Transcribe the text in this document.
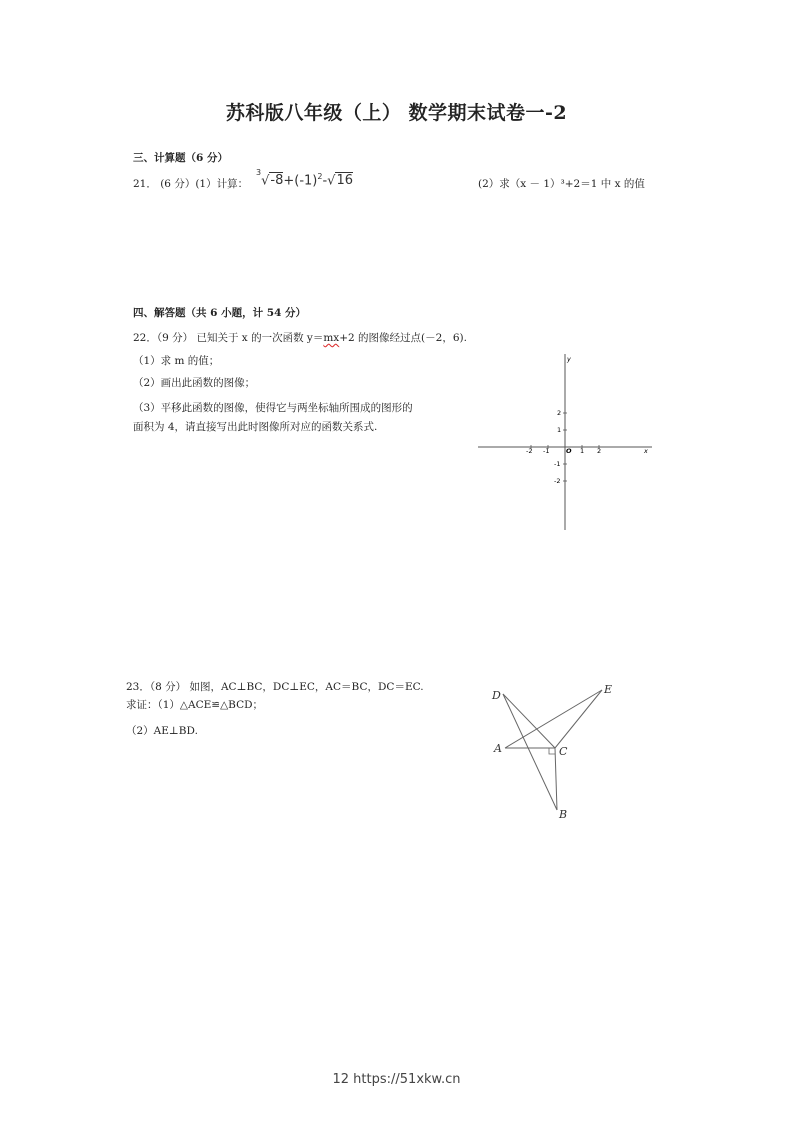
苏科版八年级（上） 数学期末试卷一-2
三、计算题（6 分）
21． (6 分）(1）计算：
$^3√-8+(-1)^2-√16$	(2）求（x － 1）³+2＝1 中 x 的值
四、解答题（共 6 小题，计 54 分）
22．（9 分） 已知关于 x 的一次函数 y＝mx+2 的图像经过点(－2，6).
（1）求 m 的值；
（2）画出此函数的图像；
（3）平移此函数的图像，使得它与两坐标轴所围成的图形的
面积为 4，请直接写出此时图像所对应的函数关系式.
x
y
O
-2 -1	1 2
2
1
-1
-2
23．（8 分） 如图，AC⊥BC，DC⊥EC，AC＝BC，DC＝EC.
求证：（1）△ACE≌△BCD；
（2）AE⊥BD.
D	E
A	C
B
12 https://51xkw.cn
